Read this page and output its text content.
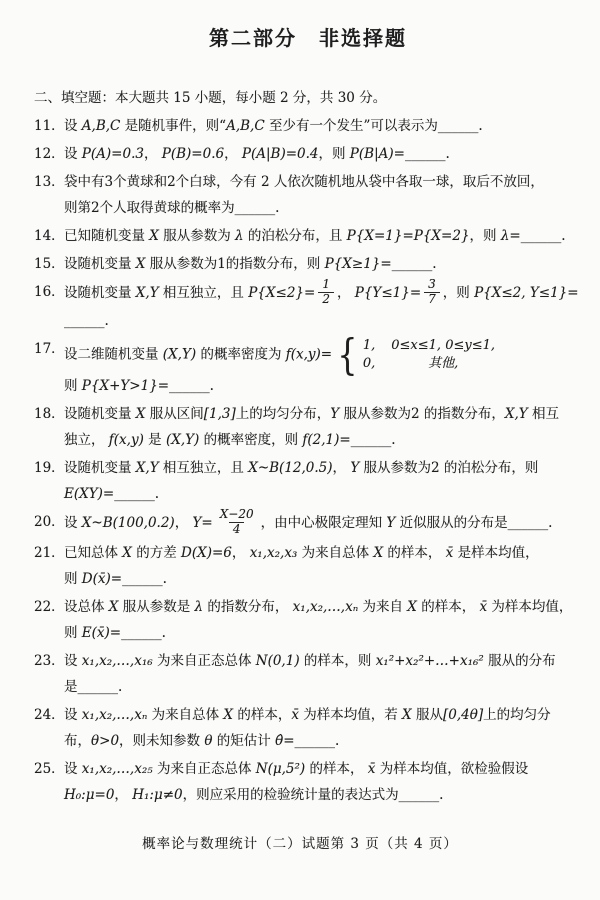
第二部分　非选择题
二、填空题：本大题共 15 小题，每小题 2 分，共 30 分。
11． 设 A,B,C 是随机事件，则“A,B,C 至少有一个发生”可以表示为______.
12． 设 P(A)=0.3， P(B)=0.6， P(A|B)=0.4，则 P(B|A)=______.
13． 袋中有3个黄球和2个白球，今有 2 人依次随机地从袋中各取一球，取后不放回，
则第2个人取得黄球的概率为______.
14． 已知随机变量 X 服从参数为 λ 的泊松分布，且 P{X=1}=P{X=2}，则 λ=______.
15． 设随机变量 X 服从参数为1的指数分布，则 P{X≥1}=______.
16． 设随机变量 X,Y 相互独立，且 $P\{X\le 2\}= \frac{1}{2}$ ， $P\{Y\le 1\}= \frac{3}{7}$ ，则 P{X≤2, Y≤1}=
______.
17． 设二维随机变量 (X,Y) 的概率密度为 f(x,y)= { 1, 0≤x≤1, 0≤y≤1,
0,	其他,
则 P{X+Y>1}=______.
18． 设随机变量 X 服从区间[1,3]上的均匀分布，Y 服从参数为2 的指数分布，X,Y 相互
独立， f(x,y) 是 (X,Y) 的概率密度，则 f(2,1)=______.
19． 设随机变量 X,Y 相互独立，且 X~B(12,0.5)， Y 服从参数为2 的泊松分布，则
E(XY)=______.
20． 设 X~B(100,0.2)， $Y= \frac{X-20}{4}$ ，由中心极限定理知 Y 近似服从的分布是______.
21． 已知总体 X 的方差 D(X)=6， x₁,x₂,x₃ 为来自总体 X 的样本， x̄ 是样本均值，
则 D(x̄)=______.
22． 设总体 X 服从参数是 λ 的指数分布， x₁,x₂,…,xₙ 为来自 X 的样本， x̄ 为样本均值，
则 E(x̄)=______.
23． 设 x₁,x₂,…,x₁₆ 为来自正态总体 N(0,1) 的样本，则 x₁²+x₂²+…+x₁₆² 服从的分布
是______.
24． 设 x₁,x₂,…,xₙ 为来自总体 X 的样本，x̄ 为样本均值，若 X 服从[0,4θ]上的均匀分
布，θ>0，则未知参数 θ 的矩估计 θ̂=______.
25． 设 x₁,x₂,…,x₂₅ 为来自正态总体 N(μ,5²) 的样本， x̄ 为样本均值，欲检验假设
H₀:μ=0， H₁:μ≠0，则应采用的检验统计量的表达式为______.
概率论与数理统计（二）试题第 3 页（共 4 页）
